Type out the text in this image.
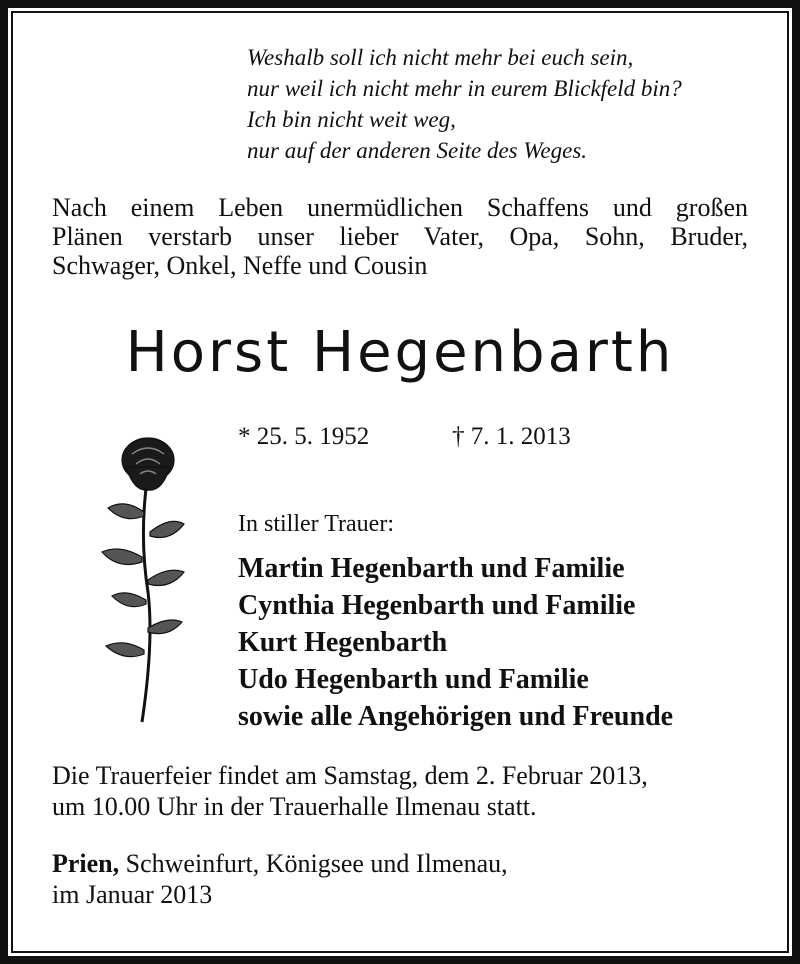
Weshalb soll ich nicht mehr bei euch sein,
nur weil ich nicht mehr in eurem Blickfeld bin?
Ich bin nicht weit weg,
nur auf der anderen Seite des Weges.
Nach einem Leben unermüdlichen Schaffens und großen
Plänen verstarb unser lieber Vater, Opa, Sohn, Bruder,
Schwager, Onkel, Neffe und Cousin
Horst Hegenbarth
* 25. 5. 1952	† 7. 1. 2013
In stiller Trauer:
Martin Hegenbarth und Familie
Cynthia Hegenbarth und Familie
Kurt Hegenbarth
Udo Hegenbarth und Familie
sowie alle Angehörigen und Freunde
Die Trauerfeier findet am Samstag, dem 2. Februar 2013,
um 10.00 Uhr in der Trauerhalle Ilmenau statt.
Prien, Schweinfurt, Königsee und Ilmenau,
im Januar 2013
